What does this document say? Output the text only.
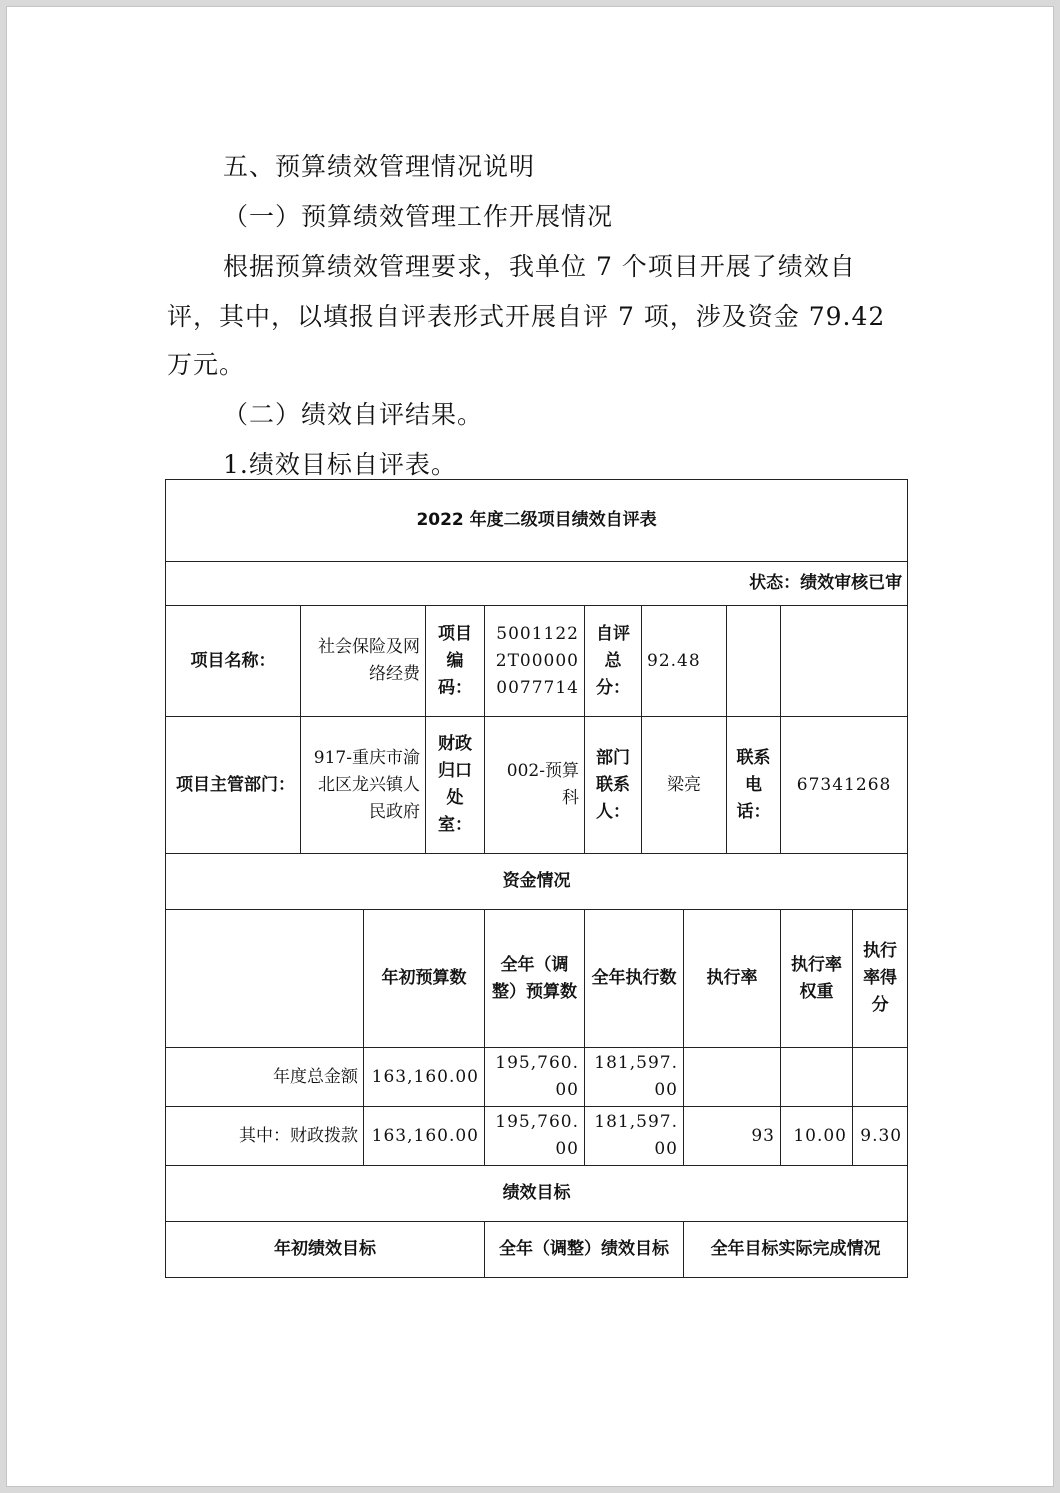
五、预算绩效管理情况说明
（一）预算绩效管理工作开展情况
根据预算绩效管理要求，我单位 7 个项目开展了绩效自
评，其中，以填报自评表形式开展自评 7 项，涉及资金 79.42
万元。
（二）绩效自评结果。
1.绩效目标自评表。
2022 年度二级项目绩效自评表										
状态：绩效审核已审										
项目名称：	社会保险及网络经费		项目编码：	50011222T000000077714	自评总分：	92.48				
项目主管部门：	917-重庆市渝北区龙兴镇人民政府		财政归口处室：	002-预算科	部门联系人：	梁亮		联系电话：	67341268	
资金情况										
		年初预算数		全年（调整）预算数	全年执行数		执行率		执行率权重	执行率得分
年度总金额		163,160.00		195,760.00	181,597.00					
其中：财政拨款		163,160.00		195,760.00	181,597.00		93		10.00	9.30
绩效目标										
年初绩效目标				全年（调整）绩效目标			全年目标实际完成情况			
